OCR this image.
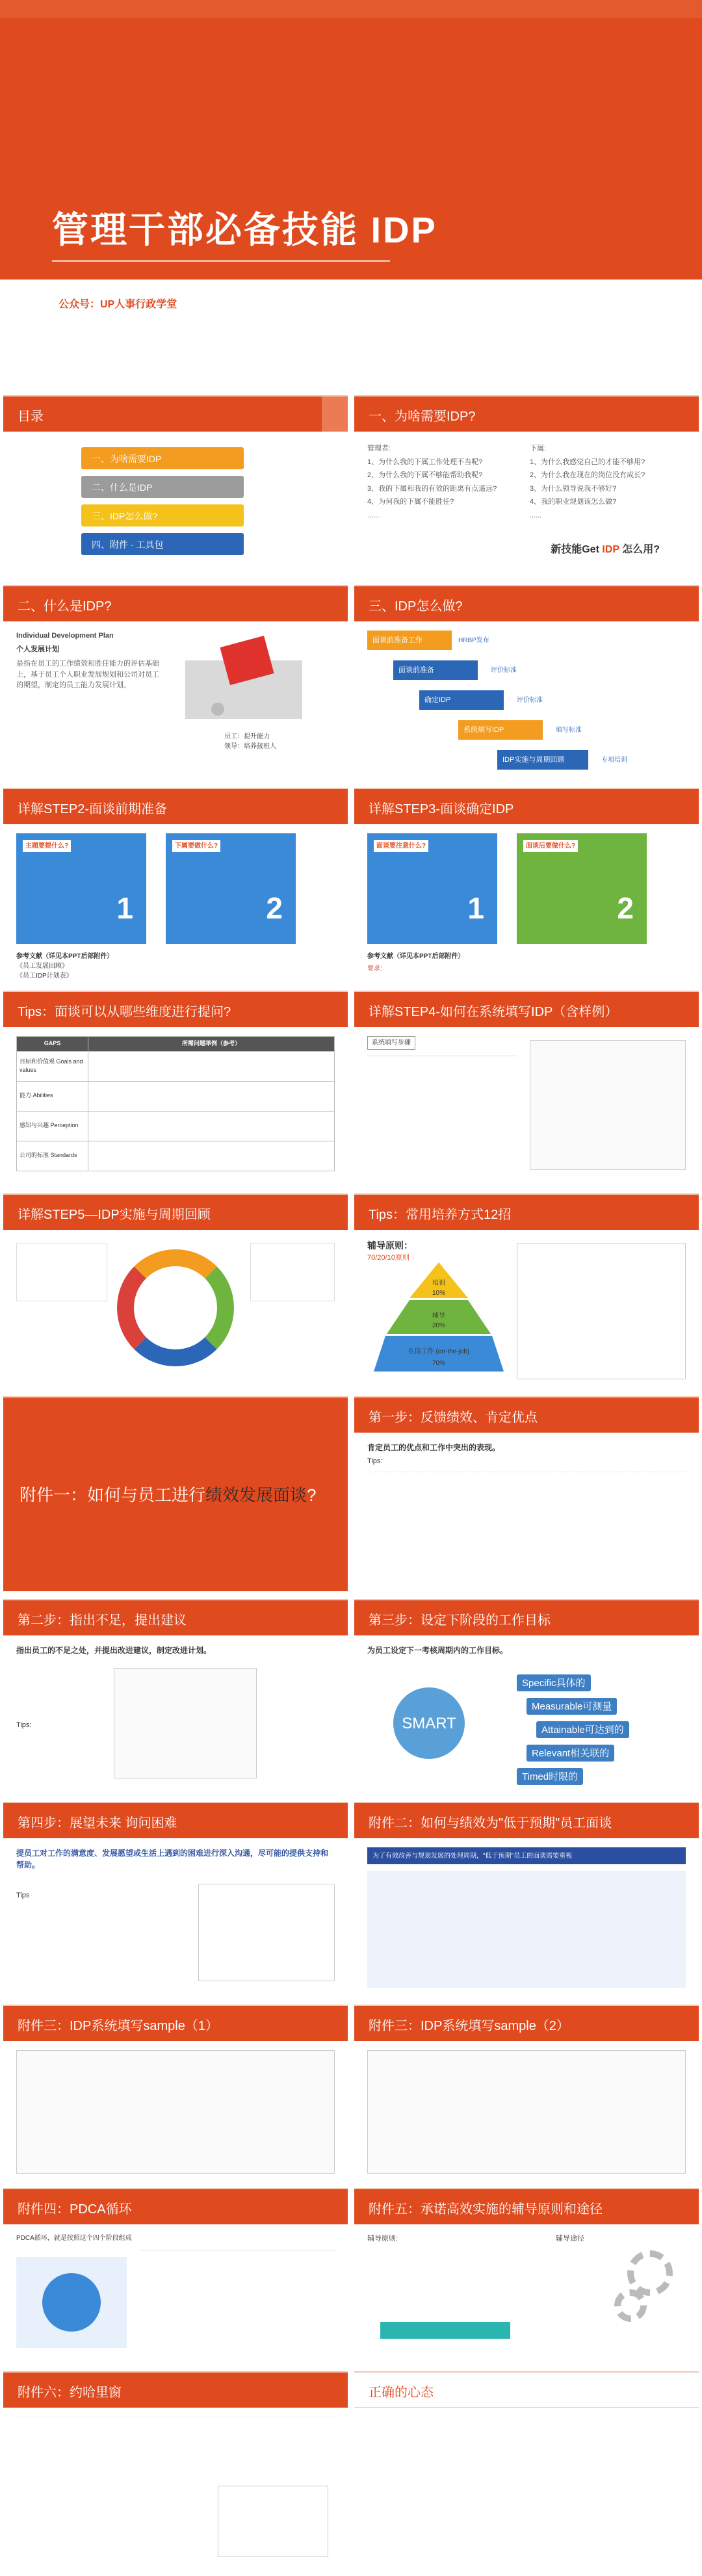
管理干部必备技能 IDP
公众号：UP人事行政学堂
目录
一、为啥需要IDP
二、什么是IDP
三、IDP怎么做?
四、附件 · 工具包
一、为啥需要IDP?
管理者:
1、为什么我的下属工作处理不当呢?
2、为什么我的下属不够能帮助我呢?
3、我的下属和我的有效的距离有点遥远?
4、为何我的下属不能胜任?
......
下属:
1、为什么我感觉自己的才能不够用?
2、为什么我在现在的岗位没有成长?
3、为什么领导说我不够好?
4、我的职业规划该怎么做?
......
新技能Get IDP 怎么用?
二、什么是IDP?
Individual Development Plan
个人发展计划
是指在员工的工作绩效和胜任能力的评估基础上，基于员工个人职业发展规划和公司对员工的期望，制定的员工能力发展计划。
员工：提升能力
领导：培养接班人
三、IDP怎么做?
面谈前准备工作	HRBP发布
面谈前准备	评价标准
确定IDP	评价标准
系统填写IDP	填写标准
IDP实施与周期回顾	专项培训
详解STEP2-面谈前期准备
主题要提什么?
1
下属要做什么?
2
参考文献（详见本PPT后部附件）
《员工发展回顾》
《员工IDP计划表》
详解STEP3-面谈确定IDP
面谈要注意什么?
1
面谈后要做什么?
2
参考文献（详见本PPT后部附件）
要求:
Tips：面谈可以从哪些维度进行提问?
GAPS	所需问题举例（参考）
目标和价值观 Goals and values	
能力 Abilities	
感知与兴趣 Perception	
公司的标准 Standards	
详解STEP4-如何在系统填写IDP（含样例）
系统填写步骤
详解STEP5—IDP实施与周期回顾	Tips：常用培养方式12招
辅导原则：
70/20/10原则
培训
10%
辅导
20%
在岗工作 (on-the-job)
70%
附件一：如何与员工进行绩效发展面谈?
第一步：反馈绩效、肯定优点
肯定员工的优点和工作中突出的表现。
Tips:
第二步：指出不足，提出建议
指出员工的不足之处，并提出改进建议，制定改进计划。
Tips:
第三步：设定下阶段的工作目标
为员工设定下一考核周期内的工作目标。
SMART
Specific具体的
Measurable可测量
Attainable可达到的
Relevant相关联的
Timed时限的
第四步：展望未来 询问困难
提员工对工作的满意度、发展愿望或生活上遇到的困难进行深入沟通，尽可能的提供支持和帮助。
Tips
附件二：如何与绩效为"低于预期"员工面谈
为了有效改善与规划发展的处理周期，"低于预期"员工的面谈需要重视
附件三：IDP系统填写sample（1）	附件三：IDP系统填写sample（2）
附件四：PDCA循环
PDCA循环，就是按照这个四个阶段组成
附件五：承诺高效实施的辅导原则和途径
辅导原则:	辅导途径
附件六：约哈里窗	正确的心态
